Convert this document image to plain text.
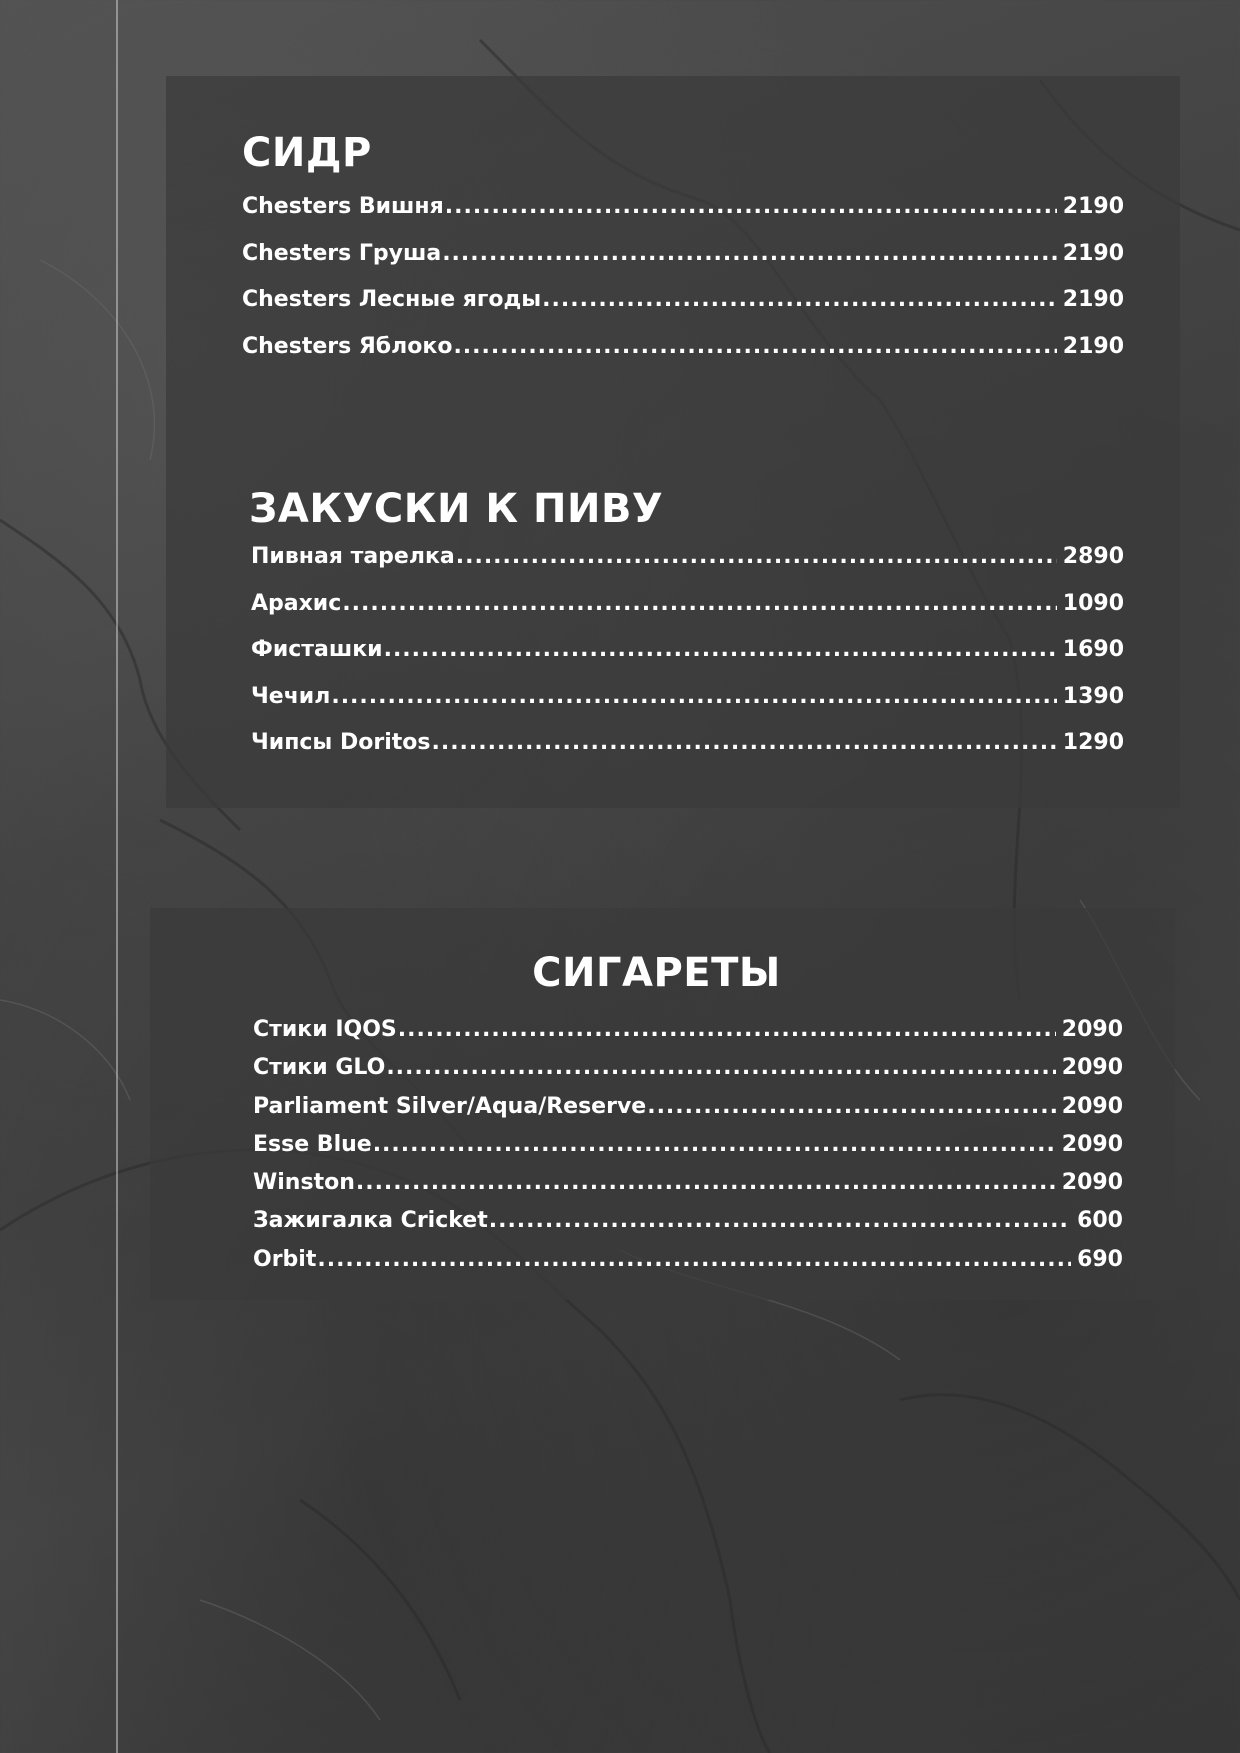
СИДР
Chesters Вишня .....	2190
Chesters Груша .....	2190
Chesters Лесные ягоды .....	2190
Chesters Яблоко .....	2190
ЗАКУСКИ К ПИВУ
Пивная тарелка .....	2890
Арахис .....	1090
Фисташки .....	1690
Чечил .....	1390
Чипсы Doritos .....	1290
СИГАРЕТЫ
Стики IQOS .....	2090
Стики GLO .....	2090
Parliament Silver/Aqua/Reserve .....	2090
Esse Blue .....	2090
Winston .....	2090
Зажигалка Cricket .....	600
Orbit .....	690
